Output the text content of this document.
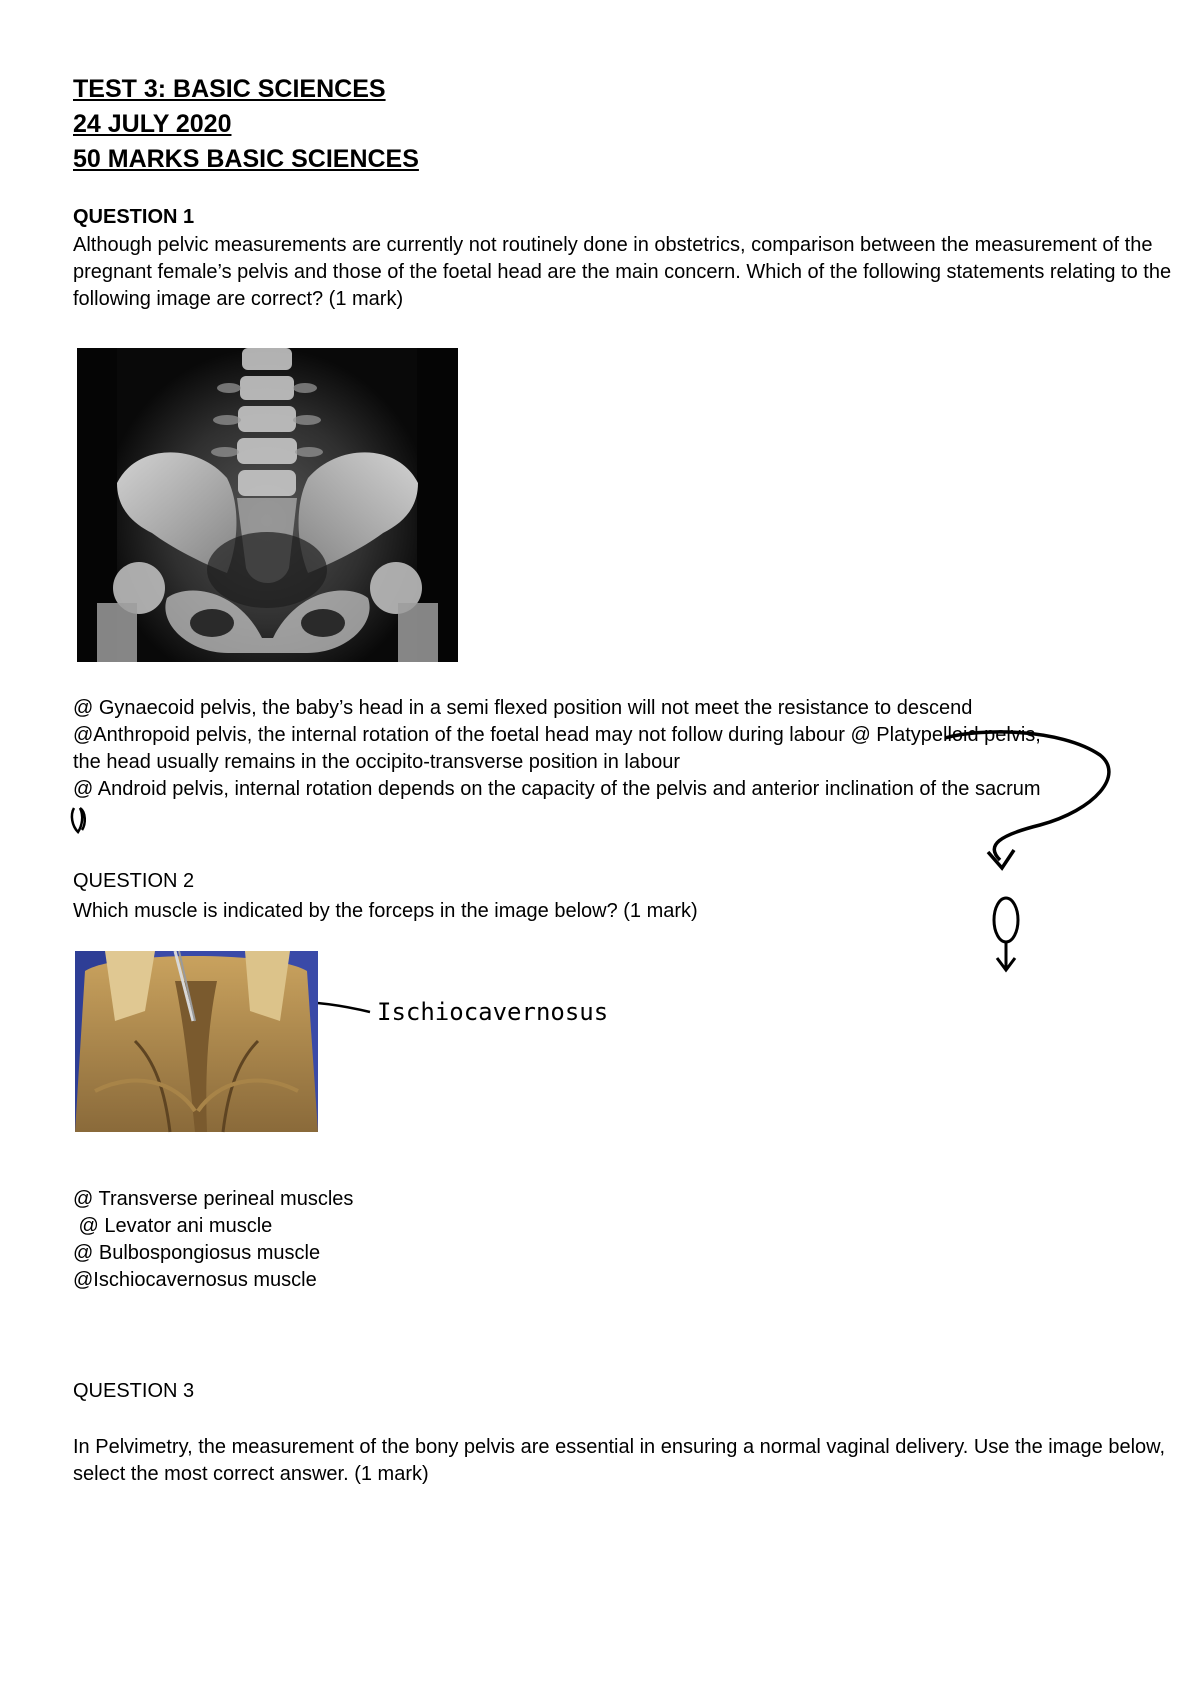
TEST 3: BASIC SCIENCES
24 JULY 2020
50 MARKS BASIC SCIENCES
QUESTION 1
Although pelvic measurements are currently not routinely done in obstetrics, comparison between the measurement of the pregnant female’s pelvis and those of the foetal head are the main concern. Which of the following statements relating to the following image are correct? (1 mark)
@ Gynaecoid pelvis, the baby’s head in a semi flexed position will not meet the resistance to descend
@Anthropoid pelvis, the internal rotation of the foetal head may not follow during labour @ Platypelloid pelvis,
the head usually remains in the occipito-transverse position in labour
@ Android pelvis, internal rotation depends on the capacity of the pelvis and anterior inclination of the sacrum
QUESTION 2
Which muscle is indicated by the forceps in the image below? (1 mark)
Ischiocavernosus
@ Transverse perineal muscles
@ Levator ani muscle
@ Bulbospongiosus muscle
@Ischiocavernosus muscle
QUESTION 3
In Pelvimetry, the measurement of the bony pelvis are essential in ensuring a normal vaginal delivery. Use the image below, select the most correct answer. (1 mark)
